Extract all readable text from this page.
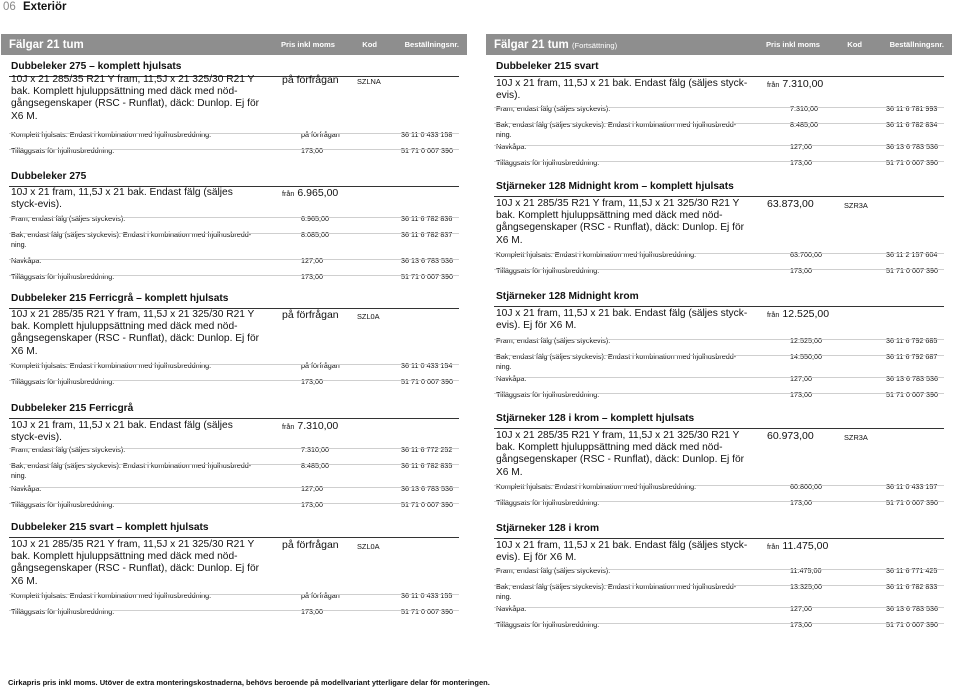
06 Exteriör
Fälgar 21 tum	Pris inkl moms	Kod	Beställningsnr.
Dubbeleker 275 – komplett hjulsats
10J x 21 285/35 R21 Y fram, 11,5J x 21 325/30 R21 Y bak. Komplett hjuluppsättning med däck med nöd-gångsegenskaper (RSC - Runflat), däck: Dunlop. Ej för X6 M.
på förfrågan SZLNA
Komplett hjulsats. Endast i kombination med hjulhusbreddning.	på förfrågan	36 11 0 433 158
Tilläggsats för hjulhusbreddning.	173,00	51 71 0 007 390
Dubbeleker 275
10J x 21 fram, 11,5J x 21 bak. Endast fälg (säljes styck-evis).
från 6.965,00
Fram, endast fälg (säljes styckevis).	6.965,00	36 11 6 782 836
Bak, endast fälg (säljes styckevis). Endast i kombination med hjulhusbredd-ning.
8.085,00	36 11 6 782 837
Navkåpa.	127,00	36 13 6 783 536
Tilläggsats för hjulhusbreddning.	173,00	51 71 0 007 390
Dubbeleker 215 Ferricgrå – komplett hjulsats
10J x 21 285/35 R21 Y fram, 11,5J x 21 325/30 R21 Y bak. Komplett hjuluppsättning med däck med nöd-gångsegenskaper (RSC - Runflat), däck: Dunlop. Ej för X6 M.
på förfrågan SZL0A
Komplett hjulsats. Endast i kombination med hjulhusbreddning.	på förfrågan	36 11 0 433 154
Tilläggsats för hjulhusbreddning.	173,00	51 71 0 007 390
Dubbeleker 215 Ferricgrå
10J x 21 fram, 11,5J x 21 bak. Endast fälg (säljes styck-evis).
från 7.310,00
Fram, endast fälg (säljes styckevis).	7.310,00	36 11 6 772 252
Bak, endast fälg (säljes styckevis). Endast i kombination med hjulhusbredd-ning.
8.485,00	36 11 6 782 835
Navkåpa.	127,00	36 13 6 783 536
Tilläggsats för hjulhusbreddning.	173,00	51 71 0 007 390
Dubbeleker 215 svart – komplett hjulsats
10J x 21 285/35 R21 Y fram, 11,5J x 21 325/30 R21 Y bak. Komplett hjuluppsättning med däck med nöd-gångsegenskaper (RSC - Runflat), däck: Dunlop. Ej för X6 M.
på förfrågan SZL0A
Komplett hjulsats. Endast i kombination med hjulhusbreddning.	på förfrågan	36 11 0 433 155
Tilläggsats för hjulhusbreddning.	173,00	51 71 0 007 390
Fälgar 21 tum (Fortsättning)	Pris inkl moms	Kod	Beställningsnr.
Dubbeleker 215 svart
10J x 21 fram, 11,5J x 21 bak. Endast fälg (säljes styck-evis).
från 7.310,00
Fram, endast fälg (säljes styckevis).	7.310,00	36 11 6 781 993
Bak, endast fälg (säljes styckevis). Endast i kombination med hjulhusbredd-ning.
8.485,00	36 11 6 782 834
Navkåpa.	127,00	36 13 6 783 536
Tilläggsats för hjulhusbreddning.	173,00	51 71 0 007 390
Stjärneker 128 Midnight krom – komplett hjulsats
10J x 21 285/35 R21 Y fram, 11,5J x 21 325/30 R21 Y bak. Komplett hjuluppsättning med däck med nöd-gångsegenskaper (RSC - Runflat), däck: Dunlop. Ej för X6 M.
63.873,00	SZR3A
Komplett hjulsats. Endast i kombination med hjulhusbreddning.	63.700,00	36 11 2 157 604
Tilläggsats för hjulhusbreddning.	173,00	51 71 0 007 390
Stjärneker 128 Midnight krom
10J x 21 fram, 11,5J x 21 bak. Endast fälg (säljes styck-evis). Ej för X6 M.
från 12.525,00
Fram, endast fälg (säljes styckevis).	12.525,00	36 11 6 792 685
Bak, endast fälg (säljes styckevis). Endast i kombination med hjulhusbredd-ning.
14.550,00	36 11 6 792 687
Navkåpa.	127,00	36 13 6 783 536
Tilläggsats för hjulhusbreddning.	173,00	51 71 0 007 390
Stjärneker 128 i krom – komplett hjulsats
10J x 21 285/35 R21 Y fram, 11,5J x 21 325/30 R21 Y bak. Komplett hjuluppsättning med däck med nöd-gångsegenskaper (RSC - Runflat), däck: Dunlop. Ej för X6 M.
60.973,00	SZR3A
Komplett hjulsats. Endast i kombination med hjulhusbreddning.	60.800,00	36 11 0 433 157
Tilläggsats för hjulhusbreddning.	173,00	51 71 0 007 390
Stjärneker 128 i krom
10J x 21 fram, 11,5J x 21 bak. Endast fälg (säljes styck-evis). Ej för X6 M.
från 11.475,00
Fram, endast fälg (säljes styckevis).	11.475,00	36 11 6 771 425
Bak, endast fälg (säljes styckevis). Endast i kombination med hjulhusbredd-ning.
13.325,00	36 11 6 782 833
Navkåpa.	127,00	36 13 6 783 536
Tilläggsats för hjulhusbreddning.	173,00	51 71 0 007 390
Cirkapris pris inkl moms. Utöver de extra monteringskostnaderna, behövs beroende på modellvariant ytterligare delar för monteringen.
